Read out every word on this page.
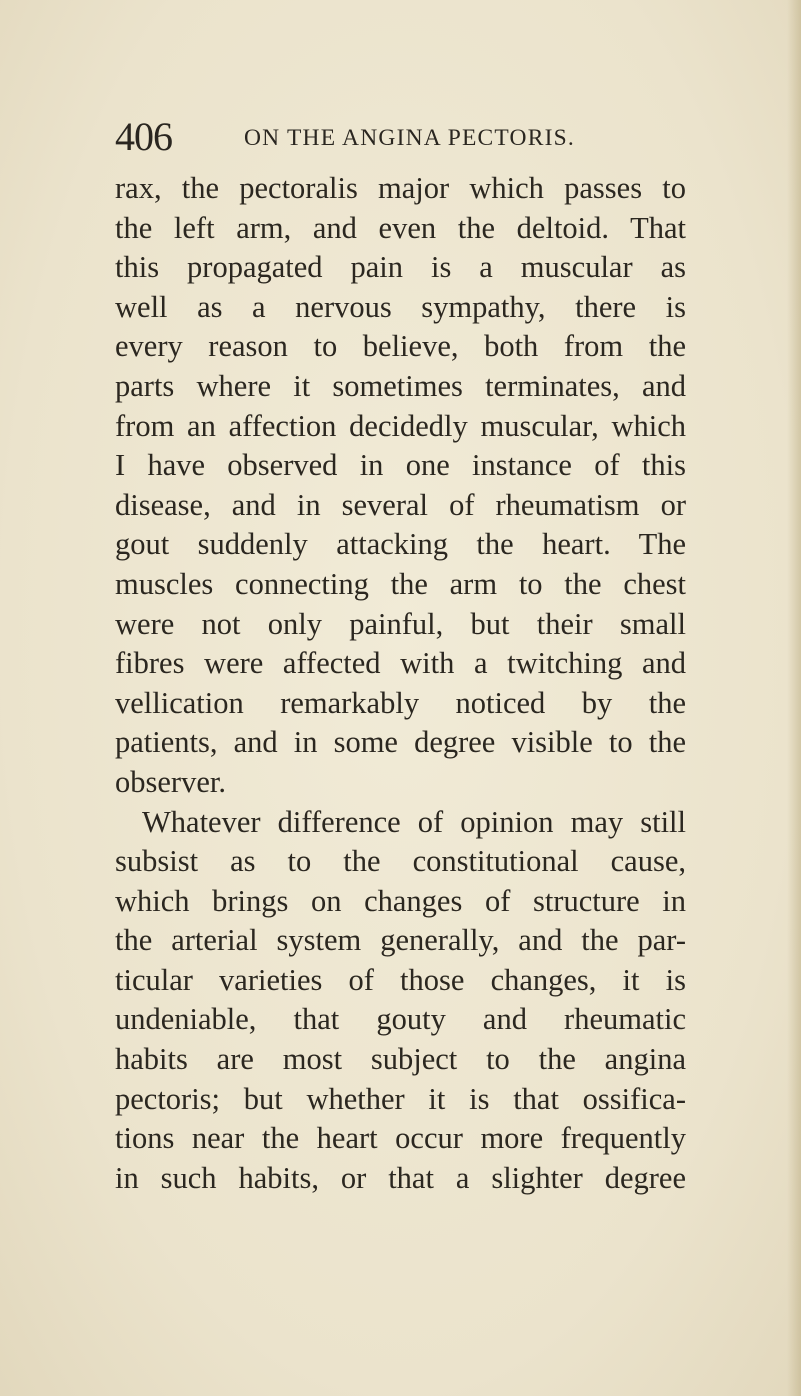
406	ON THE ANGINA PECTORIS.
rax, the pectoralis major which passes to
the left arm, and even the deltoid. That
this propagated pain is a muscular as
well as a nervous sympathy, there is
every reason to believe, both from the
parts where it sometimes terminates, and
from an affection decidedly muscular, which
I have observed in one instance of this
disease, and in several of rheumatism or
gout suddenly attacking the heart. The
muscles connecting the arm to the chest
were not only painful, but their small
fibres were affected with a twitching and
vellication remarkably noticed by the
patients, and in some degree visible to the
observer.
Whatever difference of opinion may still
subsist as to the constitutional cause,
which brings on changes of structure in
the arterial system generally, and the par-
ticular varieties of those changes, it is
undeniable, that gouty and rheumatic
habits are most subject to the angina
pectoris; but whether it is that ossifica-
tions near the heart occur more frequently
in such habits, or that a slighter degree
